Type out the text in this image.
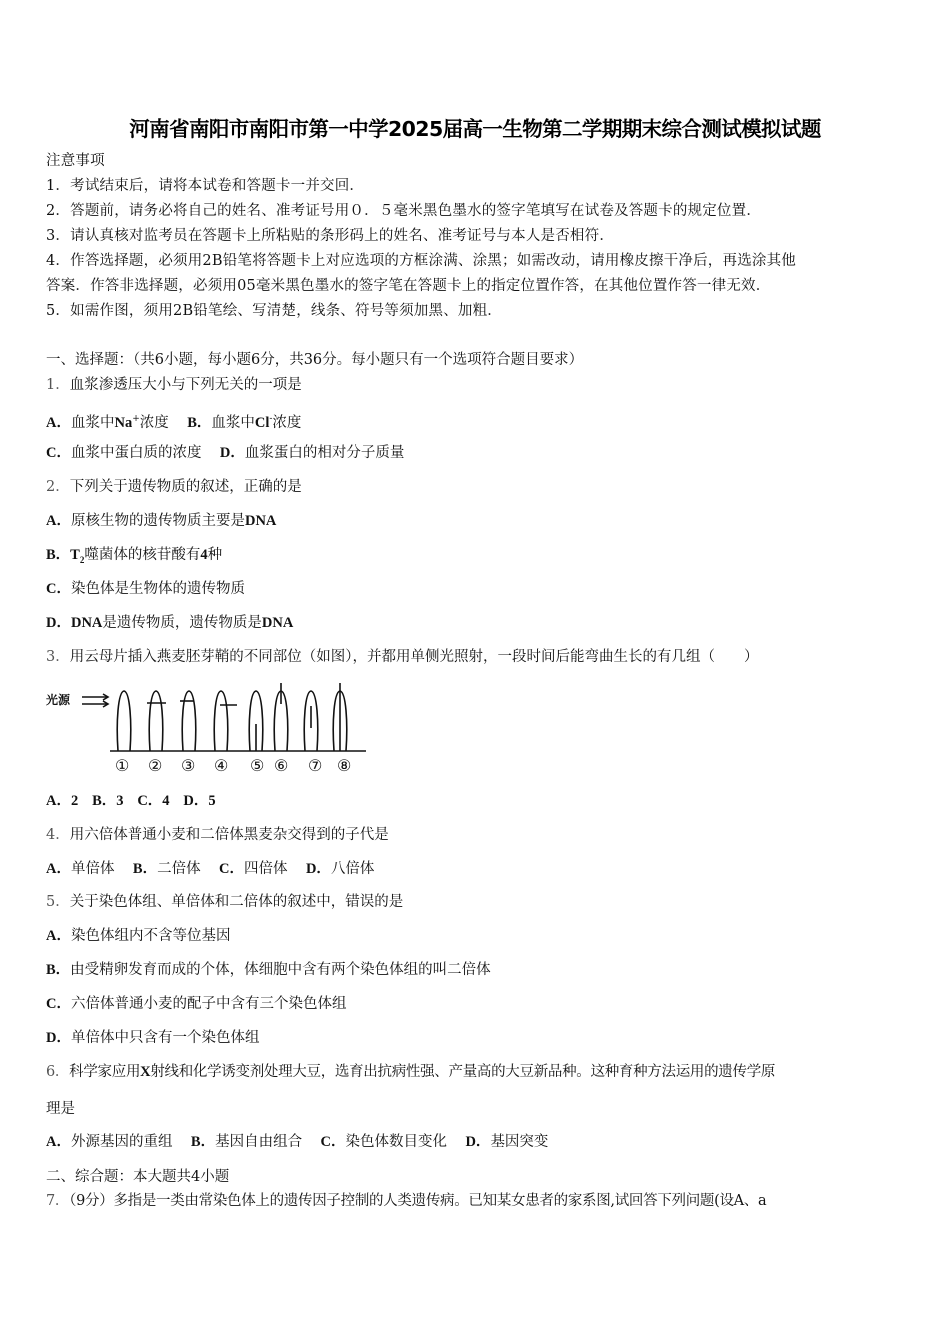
河南省南阳市南阳市第一中学2025届高一生物第二学期期末综合测试模拟试题
注意事项
1．考试结束后，请将本试卷和答题卡一并交回．
2．答题前，请务必将自己的姓名、准考证号用０．５毫米黑色墨水的签字笔填写在试卷及答题卡的规定位置．
3．请认真核对监考员在答题卡上所粘贴的条形码上的姓名、准考证号与本人是否相符．
4．作答选择题，必须用2B铅笔将答题卡上对应选项的方框涂满、涂黑；如需改动，请用橡皮擦干净后，再选涂其他
答案．作答非选择题，必须用05毫米黑色墨水的签字笔在答题卡上的指定位置作答，在其他位置作答一律无效．
5．如需作图，须用2B铅笔绘、写清楚，线条、符号等须加黑、加粗．
一、选择题：（共6小题，每小题6分，共36分。每小题只有一个选项符合题目要求）
1．血浆渗透压大小与下列无关的一项是
A．血浆中Na+浓度 B．血浆中Cl-浓度
C．血浆中蛋白质的浓度 D．血浆蛋白的相对分子质量
2．下列关于遗传物质的叙述，正确的是
A．原核生物的遗传物质主要是DNA
B．$T_2$噬菌体的核苷酸有4种
C．染色体是生物体的遗传物质
D．DNA是遗传物质，遗传物质是DNA
3．用云母片插入燕麦胚芽鞘的不同部位（如图），并都用单侧光照射，一段时间后能弯曲生长的有几组（　　）
光源
① ② ③ ④ ⑤ ⑥ ⑦ ⑧
A．2 B．3 C．4 D．5
4．用六倍体普通小麦和二倍体黑麦杂交得到的子代是
A．单倍体 B．二倍体 C．四倍体 D．八倍体
5．关于染色体组、单倍体和二倍体的叙述中，错误的是
A．染色体组内不含等位基因
B．由受精卵发育而成的个体，体细胞中含有两个染色体组的叫二倍体
C．六倍体普通小麦的配子中含有三个染色体组
D．单倍体中只含有一个染色体组
6．科学家应用X射线和化学诱变剂处理大豆，选育出抗病性强、产量高的大豆新品种。这种育种方法运用的遗传学原
理是
A．外源基因的重组 B．基因自由组合 C．染色体数目变化 D．基因突变
二、综合题：本大题共4小题
7．（9分）多指是一类由常染色体上的遗传因子控制的人类遗传病。已知某女患者的家系图,试回答下列问题(设A、a
